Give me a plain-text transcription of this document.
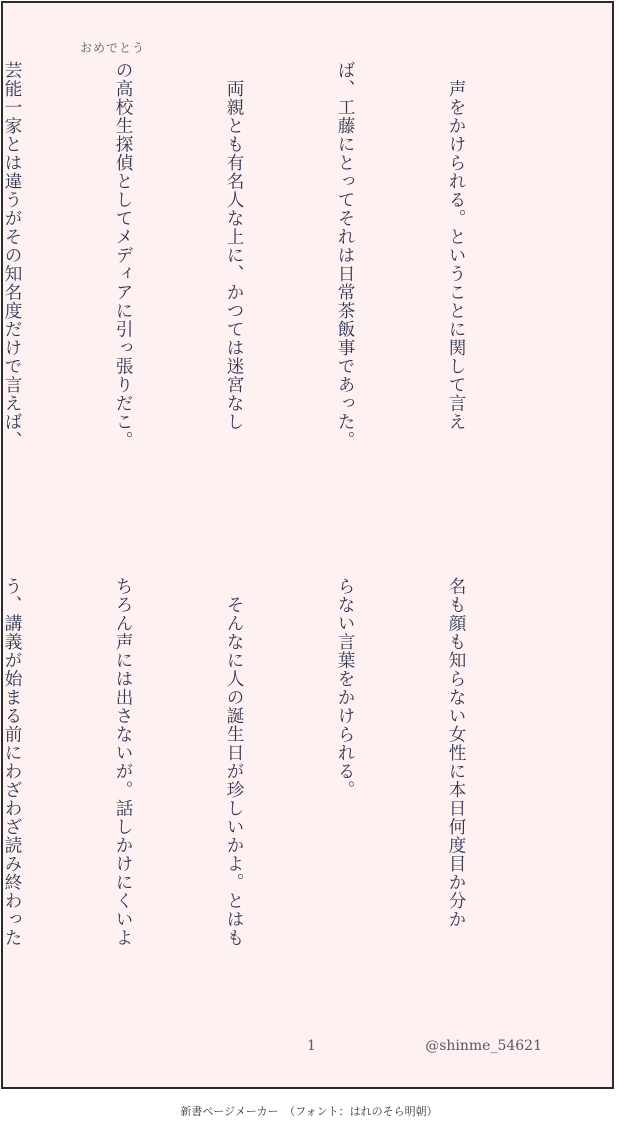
おめでとう

　声をかけられる。ということに関して言え

ば、工藤にとってそれは日常茶飯事であった。

　両親とも有名人な上に、かつては迷宮なし

の高校生探偵としてメディアに引っ張りだこ。

芸能一家とは違うがその知名度だけで言えば、

名も顔も知らない女性に本日何度目か分か

らない言葉をかけられる。

　そんなに人の誕生日が珍しいかよ。とはも

ちろん声には出さないが。話しかけにくいよ

う、講義が始まる前にわざわざ読み終わった

1	@shinme_54621
新書ページメーカー　（フォント：はれのそら明朝）
